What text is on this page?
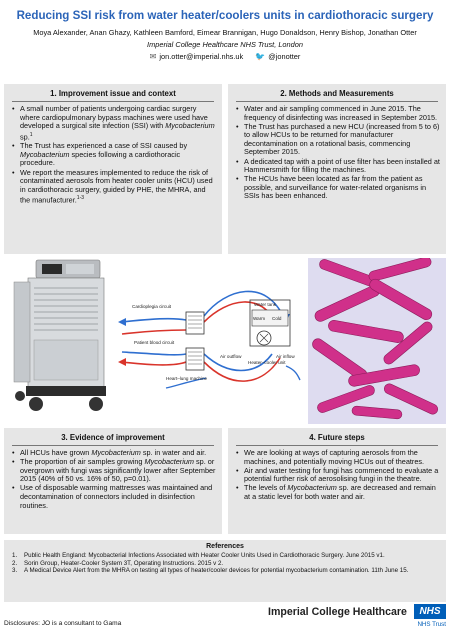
Reducing SSI risk from water heater/coolers units in cardiothoracic surgery
Moya Alexander, Anan Ghazy, Kathleen Bamford, Eimear Brannigan, Hugo Donaldson, Henry Bishop, Jonathan Otter
Imperial College Healthcare NHS Trust, London
✉ jon.otter@imperial.nhs.uk 🐦 @jonotter
1. Improvement issue and context
• A small number of patients undergoing cardiac surgery where cardiopulmonary bypass machines were used have developed a surgical site infection (SSI) with Mycobacterium sp.$^1$
• The Trust has experienced a case of SSI caused by Mycobacterium species following a cardiothoracic procedure.
• We report the measures implemented to reduce the risk of contaminated aerosols from heater cooler units (HCU) used in cardiothoracic surgery, guided by PHE, the MHRA, and the manufacturer.$^{1-3}$
2. Methods and Measurements
• Water and air sampling commenced in June 2015. The frequency of disinfecting was increased in September 2015.
• The Trust has purchased a new HCU (increased from 5 to 6) to allow HCUs to be returned for manufacturer decontamination on a rotational basis, commencing September 2015.
• A dedicated tap with a point of use filter has been installed at Hammersmith for filling the machines.
• The HCUs have been located as far from the patient as possible, and surveillance for water-related organisms in SSIs has been enhanced.
Cardioplegia circuit
Patient blood circuit
Heart–lung machine
Water tank
Warm Cold
Air outflow	Air inflow
Heater–cooler unit
3. Evidence of improvement
• All HCUs have grown Mycobacterium sp. in water and air.
• The proportion of air samples growing Mycobacterium sp. or overgrown with fungi was significantly lower after September 2015 (40% of 50 vs. 16% of 50, p=0.01).
• Use of disposable warming mattresses was maintained and decontamination of connectors included in disinfection routines.
4. Future steps
• We are looking at ways of capturing aerosols from the machines, and potentially moving HCUs out of theatres.
• Air and water testing for fungi has commenced to evaluate a potential further risk of aerosolising fungi in the theatre.
• The levels of Mycobacterium sp. are decreased and remain at a static level for both water and air.
References
1.	Public Health England: Mycobacterial Infections Associated with Heater Cooler Units Used in Cardiothoracic Surgery. June 2015 v1.
2.	Sorin Group, Heater-Cooler System 3T, Operating Instructions. 2015 v 2.
3.	A Medical Device Alert from the MHRA on testing all types of heater/cooler devices for potential mycobacterium contamination. 11th June 15.
Disclosures: JO is a consultant to Gama
Imperial College Healthcare	NHS
NHS Trust
